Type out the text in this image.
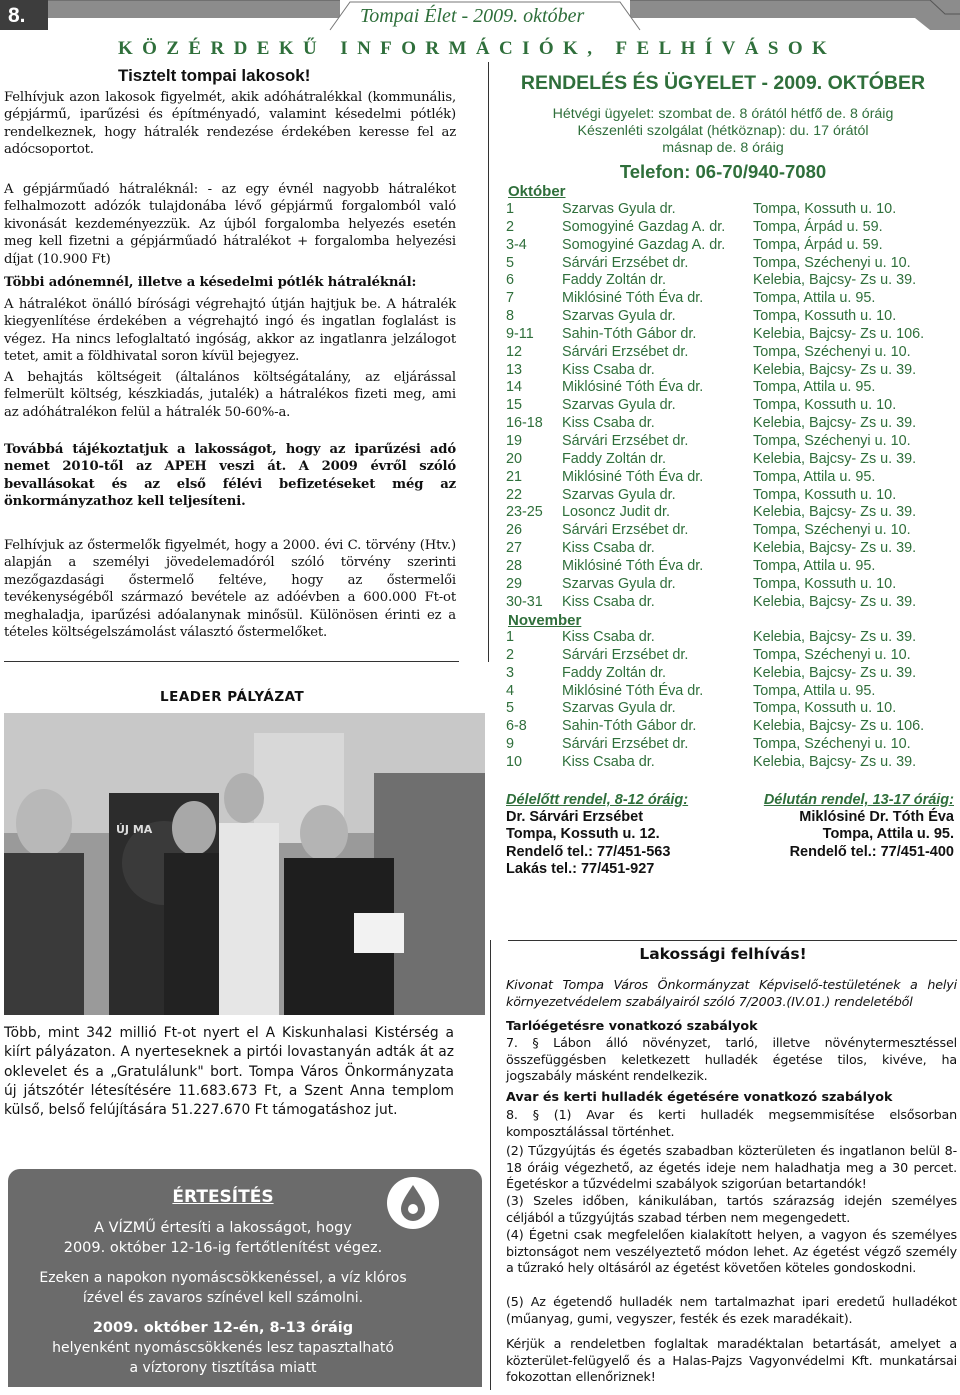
8.	Tompai Élet - 2009. október
KÖZÉRDEKŰ INFORMÁCIÓK, FELHÍVÁSOK
Tisztelt tompai lakosok!
Felhívjuk azon lakosok figyelmét, akik adóhátralékkal (kommunális, gépjármű, iparűzési és építményadó, valamint késedelmi pótlék) rendelkeznek, hogy hátralék rendezése érdekében keresse fel az adócsoportot.
A gépjárműadó hátraléknál: - az egy évnél nagyobb hátralékot felhalmozott adózók tulajdonába lévő gépjármű forgalomból való kivonását kezdeményezzük. Az újból forgalomba helyezés esetén meg kell fizetni a gépjárműadó hátralékot + forgalomba helyezési díjat (10.900 Ft)
Többi adónemnél, illetve a késedelmi pótlék hátraléknál:
A hátralékot önálló bírósági végrehajtó útján hajtjuk be. A hátralék kiegyenlítése érdekében a végrehajtó ingó és ingatlan foglalást is végez. Ha nincs lefoglaltató ingóság, akkor az ingatlanra jelzálogot tetet, amit a földhivatal soron kívül bejegyez.
A behajtás költségeit (általános költségátalány, az eljárással felmerült költség, készkiadás, jutalék) a hátralékos fizeti meg, ami az adóhátralékon felül a hátralék 50-60%-a.
Továbbá tájékoztatjuk a lakosságot, hogy az iparűzési adó nemet 2010-től az APEH veszi át. A 2009 évről szóló bevallásokat és az első félévi befizetéseket még az önkormányzathoz kell teljesíteni.
Felhívjuk az őstermelők figyelmét, hogy a 2000. évi C. törvény (Htv.) alapján a személyi jövedelemadóról szóló törvény szerinti mezőgazdasági őstermelő feltéve, hogy az őstermelői tevékenységéből származó bevétele az adóévben a 600.000 Ft-ot meghaladja, iparűzési adóalanynak minősül. Különösen érinti ez a tételes költségelszámolást választó őstermelőket.
RENDELÉS ÉS ÜGYELET - 2009. OKTÓBER
Hétvégi ügyelet: szombat de. 8 órától hétfő de. 8 óráig
Készenléti szolgálat (hétköznap): du. 17 órától
másnap de. 8 óráig
Telefon: 06-70/940-7080
Október
1	Szarvas Gyula dr.	Tompa, Kossuth u. 10.
2	Somogyiné Gazdag A. dr.	Tompa, Árpád u. 59.
3-4	Somogyiné Gazdag A. dr.	Tompa, Árpád u. 59.
5	Sárvári Erzsébet dr.	Tompa, Széchenyi u. 10.
6	Faddy Zoltán dr.	Kelebia, Bajcsy- Zs u. 39.
7	Miklósiné Tóth Éva dr.	Tompa, Attila u. 95.
8	Szarvas Gyula dr.	Tompa, Kossuth u. 10.
9-11	Sahin-Tóth Gábor dr.	Kelebia, Bajcsy- Zs u. 106.
12	Sárvári Erzsébet dr.	Tompa, Széchenyi u. 10.
13	Kiss Csaba dr.	Kelebia, Bajcsy- Zs u. 39.
14	Miklósiné Tóth Éva dr.	Tompa, Attila u. 95.
15	Szarvas Gyula dr.	Tompa, Kossuth u. 10.
16-18	Kiss Csaba dr.	Kelebia, Bajcsy- Zs u. 39.
19	Sárvári Erzsébet dr.	Tompa, Széchenyi u. 10.
20	Faddy Zoltán dr.	Kelebia, Bajcsy- Zs u. 39.
21	Miklósiné Tóth Éva dr.	Tompa, Attila u. 95.
22	Szarvas Gyula dr.	Tompa, Kossuth u. 10.
23-25	Losoncz Judit dr.	Kelebia, Bajcsy- Zs u. 39.
26	Sárvári Erzsébet dr.	Tompa, Széchenyi u. 10.
27	Kiss Csaba dr.	Kelebia, Bajcsy- Zs u. 39.
28	Miklósiné Tóth Éva dr.	Tompa, Attila u. 95.
29	Szarvas Gyula dr.	Tompa, Kossuth u. 10.
30-31	Kiss Csaba dr.	Kelebia, Bajcsy- Zs u. 39.
November
1	Kiss Csaba dr.	Kelebia, Bajcsy- Zs u. 39.
2	Sárvári Erzsébet dr.	Tompa, Széchenyi u. 10.
3	Faddy Zoltán dr.	Kelebia, Bajcsy- Zs u. 39.
4	Miklósiné Tóth Éva dr.	Tompa, Attila u. 95.
5	Szarvas Gyula dr.	Tompa, Kossuth u. 10.
6-8	Sahin-Tóth Gábor dr.	Kelebia, Bajcsy- Zs u. 106.
9	Sárvári Erzsébet dr.	Tompa, Széchenyi u. 10.
10	Kiss Csaba dr.	Kelebia, Bajcsy- Zs u. 39.
Délelőtt rendel, 8-12 óráig:
Dr. Sárvári Erzsébet
Tompa, Kossuth u. 12.
Rendelő tel.: 77/451-563
Lakás tel.: 77/451-927
Délután rendel, 13-17 óráig:
Miklósiné Dr. Tóth Éva
Tompa, Attila u. 95.
Rendelő tel.: 77/451-400
LEADER PÁLYÁZAT
ÚJ MA
Több, mint 342 millió Ft-ot nyert el A Kiskunhalasi Kistérség a kiírt pályázaton. A nyerteseknek a pirtói lovastanyán adták át az oklevelet és a „Gratulálunk" bort. Tompa Város Önkormányzata új játszótér létesítésére 11.683.673 Ft, a Szent Anna templom külső, belső felújítására 51.227.670 Ft támogatáshoz jut.
ÉRTESÍTÉS
A VÍZMŰ értesíti a lakosságot, hogy
2009. október 12-16-ig fertőtlenítést végez.
Ezeken a napokon nyomáscsökkenéssel, a víz klóros
ízével és zavaros színével kell számolni.
2009. október 12-én, 8-13 óráig
helyenként nyomáscsökkenés lesz tapasztalható
a víztorony tisztítása miatt
Lakossági felhívás!
Kivonat Tompa Város Önkormányzat Képviselő-testületének a helyi környezetvédelem szabályairól szóló 7/2003.(IV.01.) rendeletéből
Tarlóégetésre vonatkozó szabályok
7. § Lábon álló növényzet, tarló, illetve növénytermesztéssel összefüggésben keletkezett hulladék égetése tilos, kivéve, ha jogszabály másként rendelkezik.
Avar és kerti hulladék égetésére vonatkozó szabályok
8. § (1) Avar és kerti hulladék megsemmisítése elsősorban komposztálással történhet.
(2) Tűzgyújtás és égetés szabadban közterületen és ingatlanon belül 8-18 óráig végezhető, az égetés ideje nem haladhatja meg a 30 percet. Égetéskor a tűzvédelmi szabályok szigorúan betartandók!
(3) Szeles időben, kánikulában, tartós szárazság idején személyes céljából a tűzgyújtás szabad térben nem megengedett.
(4) Égetni csak megfelelően kialakított helyen, a vagyon és személyes biztonságot nem veszélyeztető módon lehet. Az égetést végző személy a tűzrakó hely oltásáról az égetést követően köteles gondoskodni.
(5) Az égetendő hulladék nem tartalmazhat ipari eredetű hulladékot (műanyag, gumi, vegyszer, festék és ezek maradékait).
Kérjük a rendeletben foglaltak maradéktalan betartását, amelyet a közterület-felügyelő és a Halas-Pajzs Vagyonvédelmi Kft. munkatársai fokozottan ellenőriznek!
